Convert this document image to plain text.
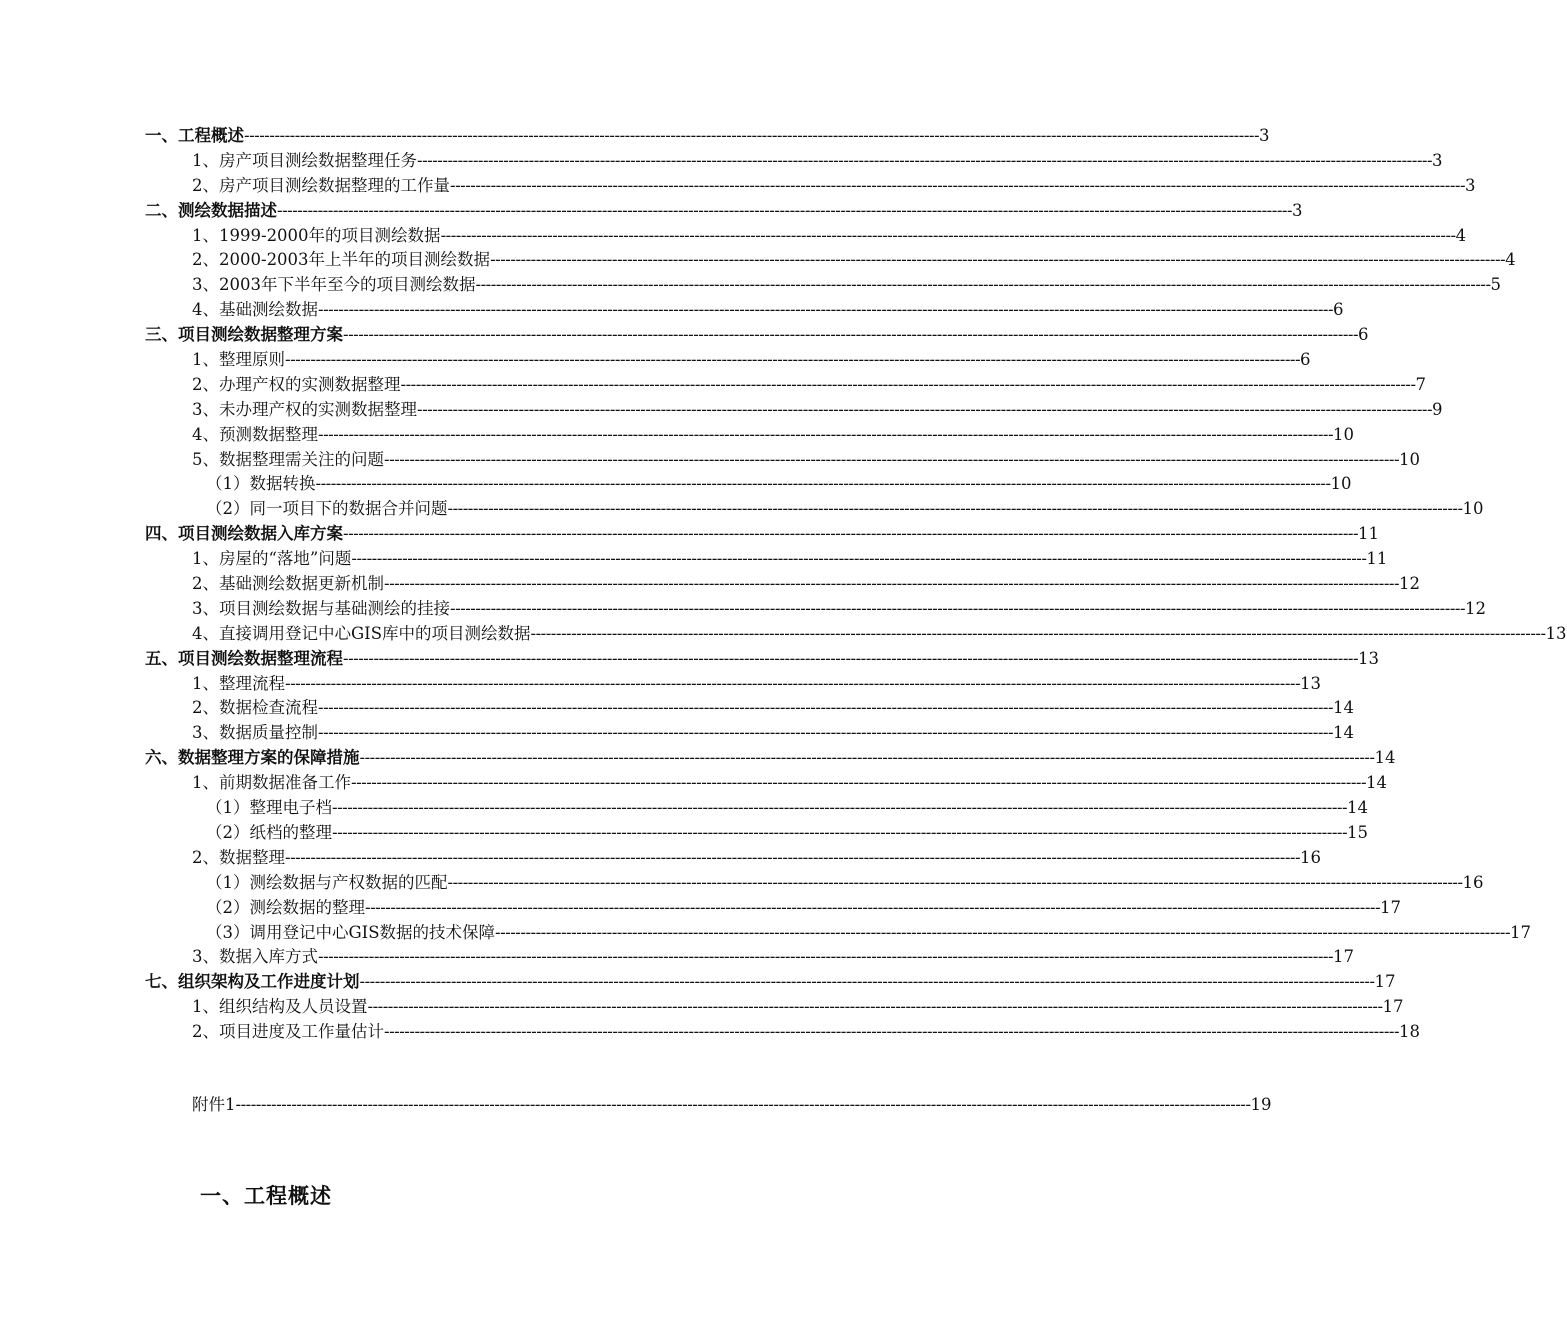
一、工程概述 -------------------------------------------------------------------------------------------------------------------------------------------------------------------------------------------------------- 3
1、房产项目测绘数据整理任务 -------------------------------------------------------------------------------------------------------------------------------------------------------------------------------------------------------- 3
2、房产项目测绘数据整理的工作量 -------------------------------------------------------------------------------------------------------------------------------------------------------------------------------------------------------- 3
二、测绘数据描述 -------------------------------------------------------------------------------------------------------------------------------------------------------------------------------------------------------- 3
1、1999-2000年的项目测绘数据 -------------------------------------------------------------------------------------------------------------------------------------------------------------------------------------------------------- 4
2、2000-2003年上半年的项目测绘数据 -------------------------------------------------------------------------------------------------------------------------------------------------------------------------------------------------------- 4
3、2003年下半年至今的项目测绘数据 -------------------------------------------------------------------------------------------------------------------------------------------------------------------------------------------------------- 5
4、基础测绘数据 -------------------------------------------------------------------------------------------------------------------------------------------------------------------------------------------------------- 6
三、项目测绘数据整理方案 -------------------------------------------------------------------------------------------------------------------------------------------------------------------------------------------------------- 6
1、整理原则 -------------------------------------------------------------------------------------------------------------------------------------------------------------------------------------------------------- 6
2、办理产权的实测数据整理 -------------------------------------------------------------------------------------------------------------------------------------------------------------------------------------------------------- 7
3、未办理产权的实测数据整理 -------------------------------------------------------------------------------------------------------------------------------------------------------------------------------------------------------- 9
4、预测数据整理 -------------------------------------------------------------------------------------------------------------------------------------------------------------------------------------------------------- 10
5、数据整理需关注的问题 -------------------------------------------------------------------------------------------------------------------------------------------------------------------------------------------------------- 10
（1）数据转换 -------------------------------------------------------------------------------------------------------------------------------------------------------------------------------------------------------- 10
（2）同一项目下的数据合并问题 -------------------------------------------------------------------------------------------------------------------------------------------------------------------------------------------------------- 10
四、项目测绘数据入库方案 -------------------------------------------------------------------------------------------------------------------------------------------------------------------------------------------------------- 11
1、房屋的“落地”问题 -------------------------------------------------------------------------------------------------------------------------------------------------------------------------------------------------------- 11
2、基础测绘数据更新机制 -------------------------------------------------------------------------------------------------------------------------------------------------------------------------------------------------------- 12
3、项目测绘数据与基础测绘的挂接 -------------------------------------------------------------------------------------------------------------------------------------------------------------------------------------------------------- 12
4、直接调用登记中心GIS库中的项目测绘数据 -------------------------------------------------------------------------------------------------------------------------------------------------------------------------------------------------------- 13
五、项目测绘数据整理流程 -------------------------------------------------------------------------------------------------------------------------------------------------------------------------------------------------------- 13
1、整理流程 -------------------------------------------------------------------------------------------------------------------------------------------------------------------------------------------------------- 13
2、数据检查流程 -------------------------------------------------------------------------------------------------------------------------------------------------------------------------------------------------------- 14
3、数据质量控制 -------------------------------------------------------------------------------------------------------------------------------------------------------------------------------------------------------- 14
六、数据整理方案的保障措施 -------------------------------------------------------------------------------------------------------------------------------------------------------------------------------------------------------- 14
1、前期数据准备工作 -------------------------------------------------------------------------------------------------------------------------------------------------------------------------------------------------------- 14
（1）整理电子档 -------------------------------------------------------------------------------------------------------------------------------------------------------------------------------------------------------- 14
（2）纸档的整理 -------------------------------------------------------------------------------------------------------------------------------------------------------------------------------------------------------- 15
2、数据整理 -------------------------------------------------------------------------------------------------------------------------------------------------------------------------------------------------------- 16
（1）测绘数据与产权数据的匹配 -------------------------------------------------------------------------------------------------------------------------------------------------------------------------------------------------------- 16
（2）测绘数据的整理 -------------------------------------------------------------------------------------------------------------------------------------------------------------------------------------------------------- 17
（3）调用登记中心GIS数据的技术保障 -------------------------------------------------------------------------------------------------------------------------------------------------------------------------------------------------------- 17
3、数据入库方式 -------------------------------------------------------------------------------------------------------------------------------------------------------------------------------------------------------- 17
七、组织架构及工作进度计划 -------------------------------------------------------------------------------------------------------------------------------------------------------------------------------------------------------- 17
1、组织结构及人员设置 -------------------------------------------------------------------------------------------------------------------------------------------------------------------------------------------------------- 17
2、项目进度及工作量估计 -------------------------------------------------------------------------------------------------------------------------------------------------------------------------------------------------------- 18
附件1 -------------------------------------------------------------------------------------------------------------------------------------------------------------------------------------------------------- 19
一、工程概述
